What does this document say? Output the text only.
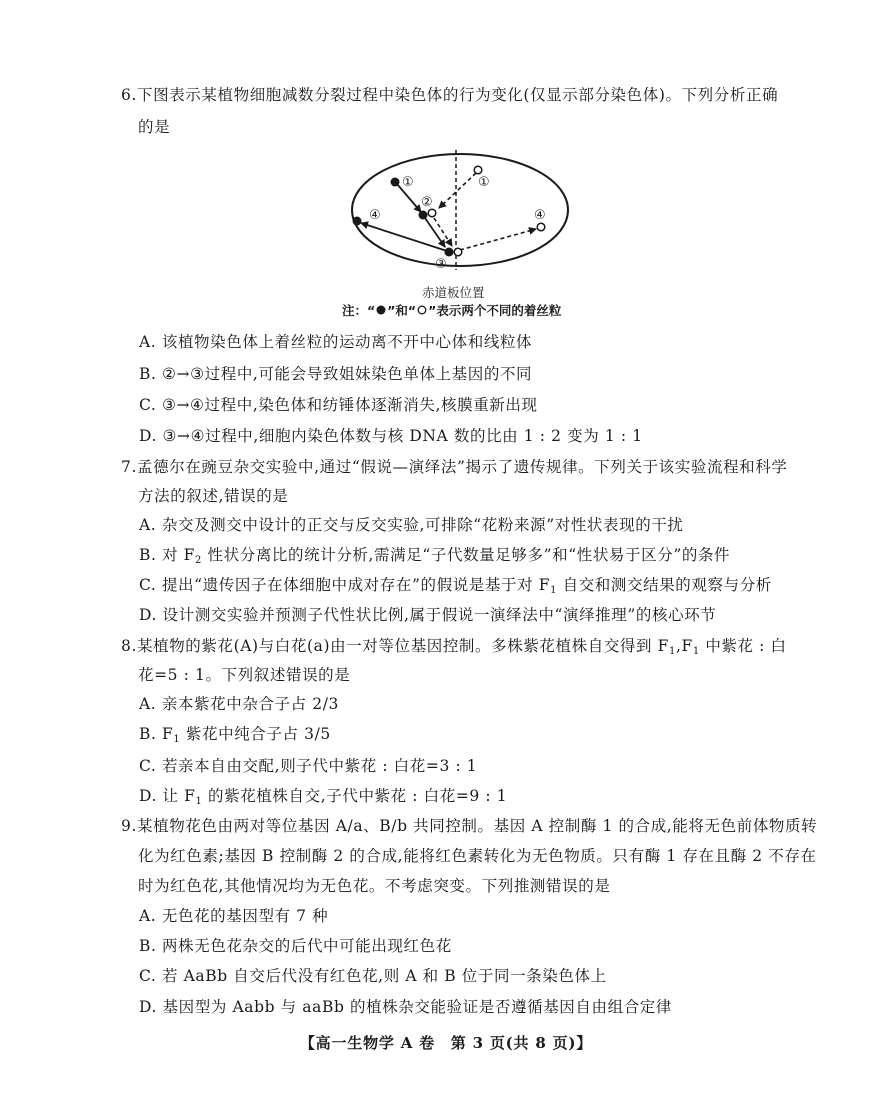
6.下图表示某植物细胞减数分裂过程中染色体的行为变化(仅显示部分染色体)。下列分析正确
的是
①
②
③
④
①
④
赤道板位置
注：“ ”和“ ”表示两个不同的着丝粒
A. 该植物染色体上着丝粒的运动离不开中心体和线粒体
B. ②→③过程中,可能会导致姐妹染色单体上基因的不同
C. ③→④过程中,染色体和纺锤体逐渐消失,核膜重新出现
D. ③→④过程中,细胞内染色体数与核 DNA 数的比由 1 : 2 变为 1 : 1
7.孟德尔在豌豆杂交实验中,通过“假说—演绎法”揭示了遗传规律。下列关于该实验流程和科学
方法的叙述,错误的是
A. 杂交及测交中设计的正交与反交实验,可排除“花粉来源”对性状表现的干扰
B. 对 $F_2$ 性状分离比的统计分析,需满足“子代数量足够多”和“性状易于区分”的条件
C. 提出“遗传因子在体细胞中成对存在”的假说是基于对 $F_1$ 自交和测交结果的观察与分析
D. 设计测交实验并预测子代性状比例,属于假说一演绎法中“演绎推理”的核心环节
8.某植物的紫花(A)与白花(a)由一对等位基因控制。多株紫花植株自交得到 $F_1,F_1$ 中紫花 : 白
花=5 : 1。下列叙述错误的是
A. 亲本紫花中杂合子占 2/3
B. $F_1$ 紫花中纯合子占 3/5
C. 若亲本自由交配,则子代中紫花 : 白花=3 : 1
D. 让 $F_1$ 的紫花植株自交,子代中紫花 : 白花=9 : 1
9.某植物花色由两对等位基因 A/a、B/b 共同控制。基因 A 控制酶 1 的合成,能将无色前体物质转
化为红色素;基因 B 控制酶 2 的合成,能将红色素转化为无色物质。只有酶 1 存在且酶 2 不存在
时为红色花,其他情况均为无色花。不考虑突变。下列推测错误的是
A. 无色花的基因型有 7 种
B. 两株无色花杂交的后代中可能出现红色花
C. 若 AaBb 自交后代没有红色花,则 A 和 B 位于同一条染色体上
D. 基因型为 Aabb 与 aaBb 的植株杂交能验证是否遵循基因自由组合定律
【高一生物学 A 卷　第 3 页(共 8 页)】
